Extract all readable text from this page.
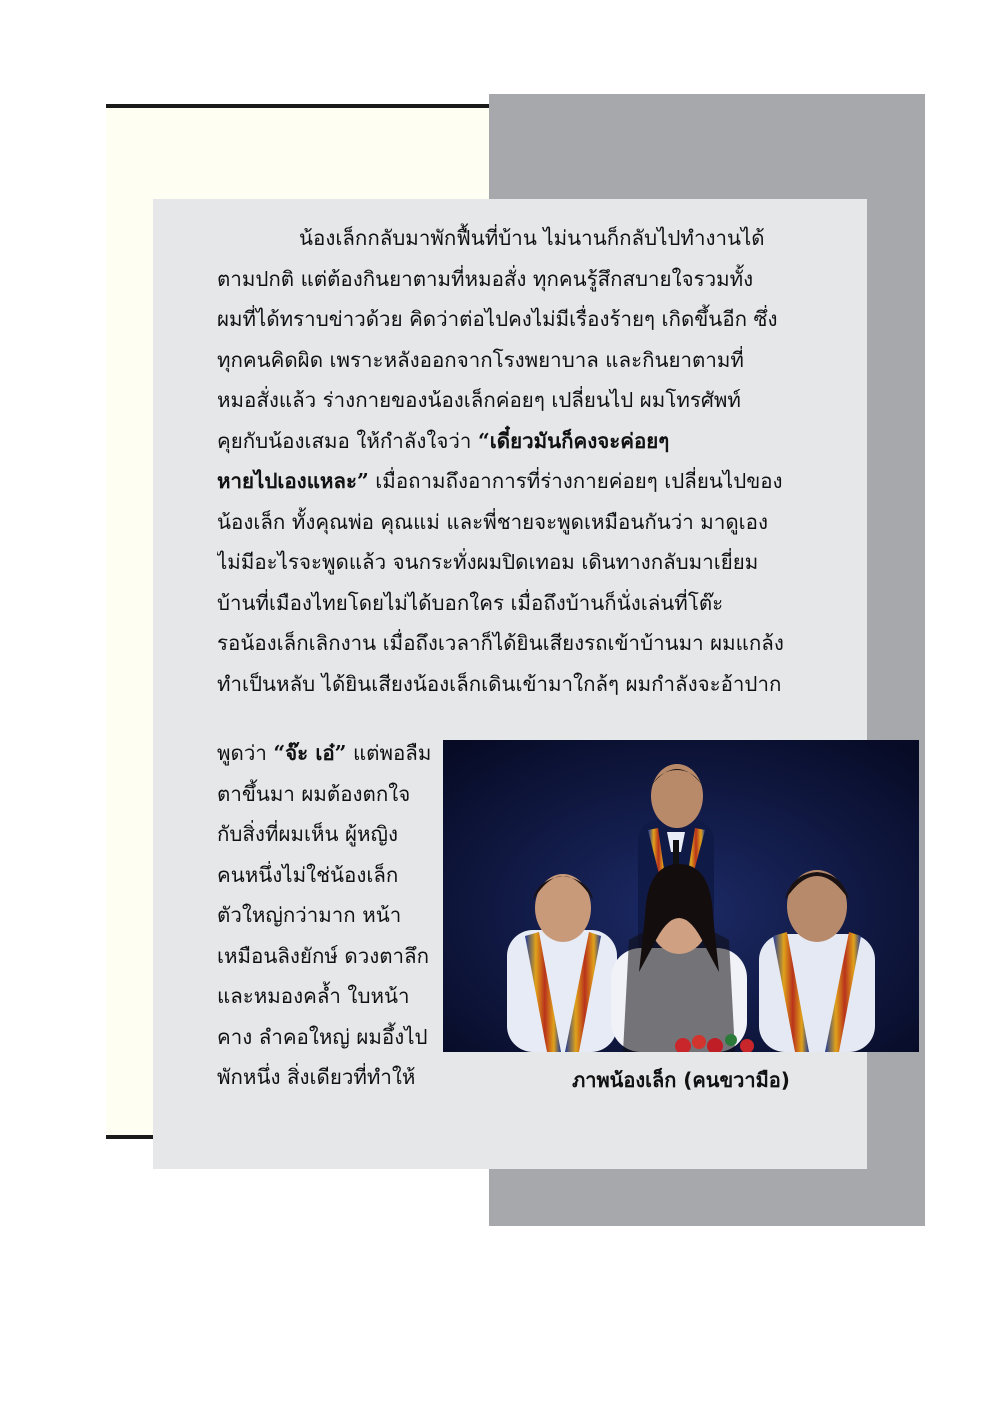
น้องเล็กกลับมาพักฟื้นที่บ้าน ไม่นานก็กลับไปทำงานได้
ตามปกติ แต่ต้องกินยาตามที่หมอสั่ง ทุกคนรู้สึกสบายใจรวมทั้ง
ผมที่ได้ทราบข่าวด้วย คิดว่าต่อไปคงไม่มีเรื่องร้ายๆ เกิดขึ้นอีก ซึ่ง
ทุกคนคิดผิด เพราะหลังออกจากโรงพยาบาล และกินยาตามที่
หมอสั่งแล้ว ร่างกายของน้องเล็กค่อยๆ เปลี่ยนไป ผมโทรศัพท์
คุยกับน้องเสมอ ให้กำลังใจว่า “เดี๋ยวมันก็คงจะค่อยๆ
หายไปเองแหละ” เมื่อถามถึงอาการที่ร่างกายค่อยๆ เปลี่ยนไปของ
น้องเล็ก ทั้งคุณพ่อ คุณแม่ และพี่ชายจะพูดเหมือนกันว่า มาดูเอง
ไม่มีอะไรจะพูดแล้ว จนกระทั่งผมปิดเทอม เดินทางกลับมาเยี่ยม
บ้านที่เมืองไทยโดยไม่ได้บอกใคร เมื่อถึงบ้านก็นั่งเล่นที่โต๊ะ
รอน้องเล็กเลิกงาน เมื่อถึงเวลาก็ได้ยินเสียงรถเข้าบ้านมา ผมแกล้ง
ทำเป็นหลับ ได้ยินเสียงน้องเล็กเดินเข้ามาใกล้ๆ ผมกำลังจะอ้าปาก
พูดว่า “จ๊ะ เอ๋” แต่พอลืม
ตาขึ้นมา ผมต้องตกใจ
กับสิ่งที่ผมเห็น ผู้หญิง
คนหนึ่งไม่ใช่น้องเล็ก
ตัวใหญ่กว่ามาก หน้า
เหมือนลิงยักษ์ ดวงตาลึก
และหมองคล้ำ ใบหน้า
คาง ลำคอใหญ่ ผมอึ้งไป
พักหนึ่ง สิ่งเดียวที่ทำให้	ภาพน้องเล็ก (คนขวามือ)
